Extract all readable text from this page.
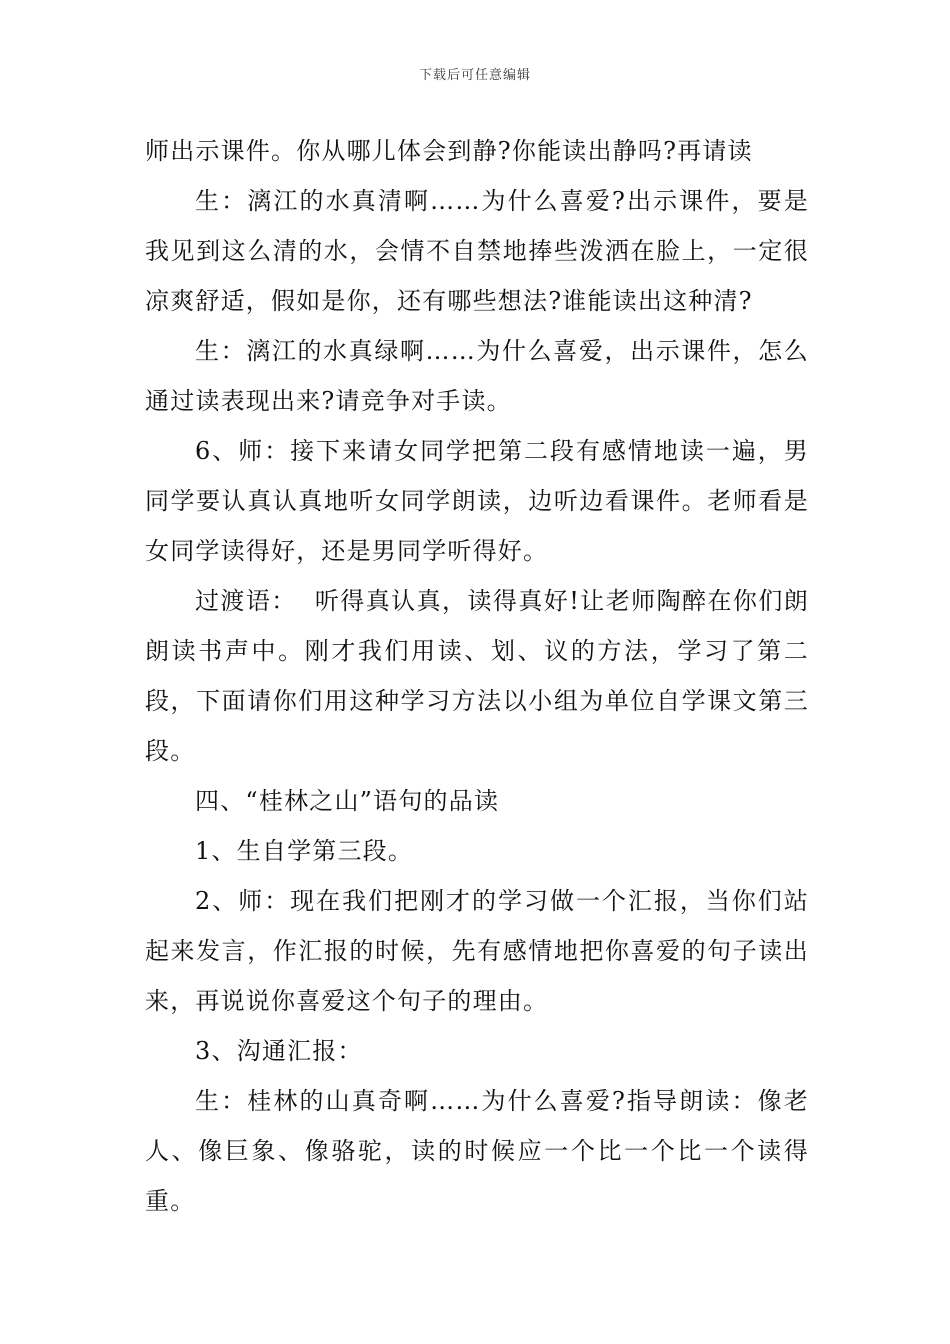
下载后可任意编辑

师出示课件。你从哪儿体会到静?你能读出静吗?再请读

生：漓江的水真清啊……为什么喜爱?出示课件，要是我见到这么清的水，会情不自禁地捧些泼洒在脸上，一定很凉爽舒适，假如是你，还有哪些想法?谁能读出这种清?

生：漓江的水真绿啊……为什么喜爱，出示课件，怎么通过读表现出来?请竞争对手读。

6、师：接下来请女同学把第二段有感情地读一遍，男同学要认真认真地听女同学朗读，边听边看课件。老师看是女同学读得好，还是男同学听得好。

过渡语：  听得真认真，读得真好!让老师陶醉在你们朗朗读书声中。刚才我们用读、划、议的方法，学习了第二段，下面请你们用这种学习方法以小组为单位自学课文第三段。

四、“桂林之山”语句的品读

1、生自学第三段。

2、师：现在我们把刚才的学习做一个汇报，当你们站起来发言，作汇报的时候，先有感情地把你喜爱的句子读出来，再说说你喜爱这个句子的理由。

3、沟通汇报：

生：桂林的山真奇啊……为什么喜爱?指导朗读：像老人、像巨象、像骆驼，读的时候应一个比一个比一个读得重。
